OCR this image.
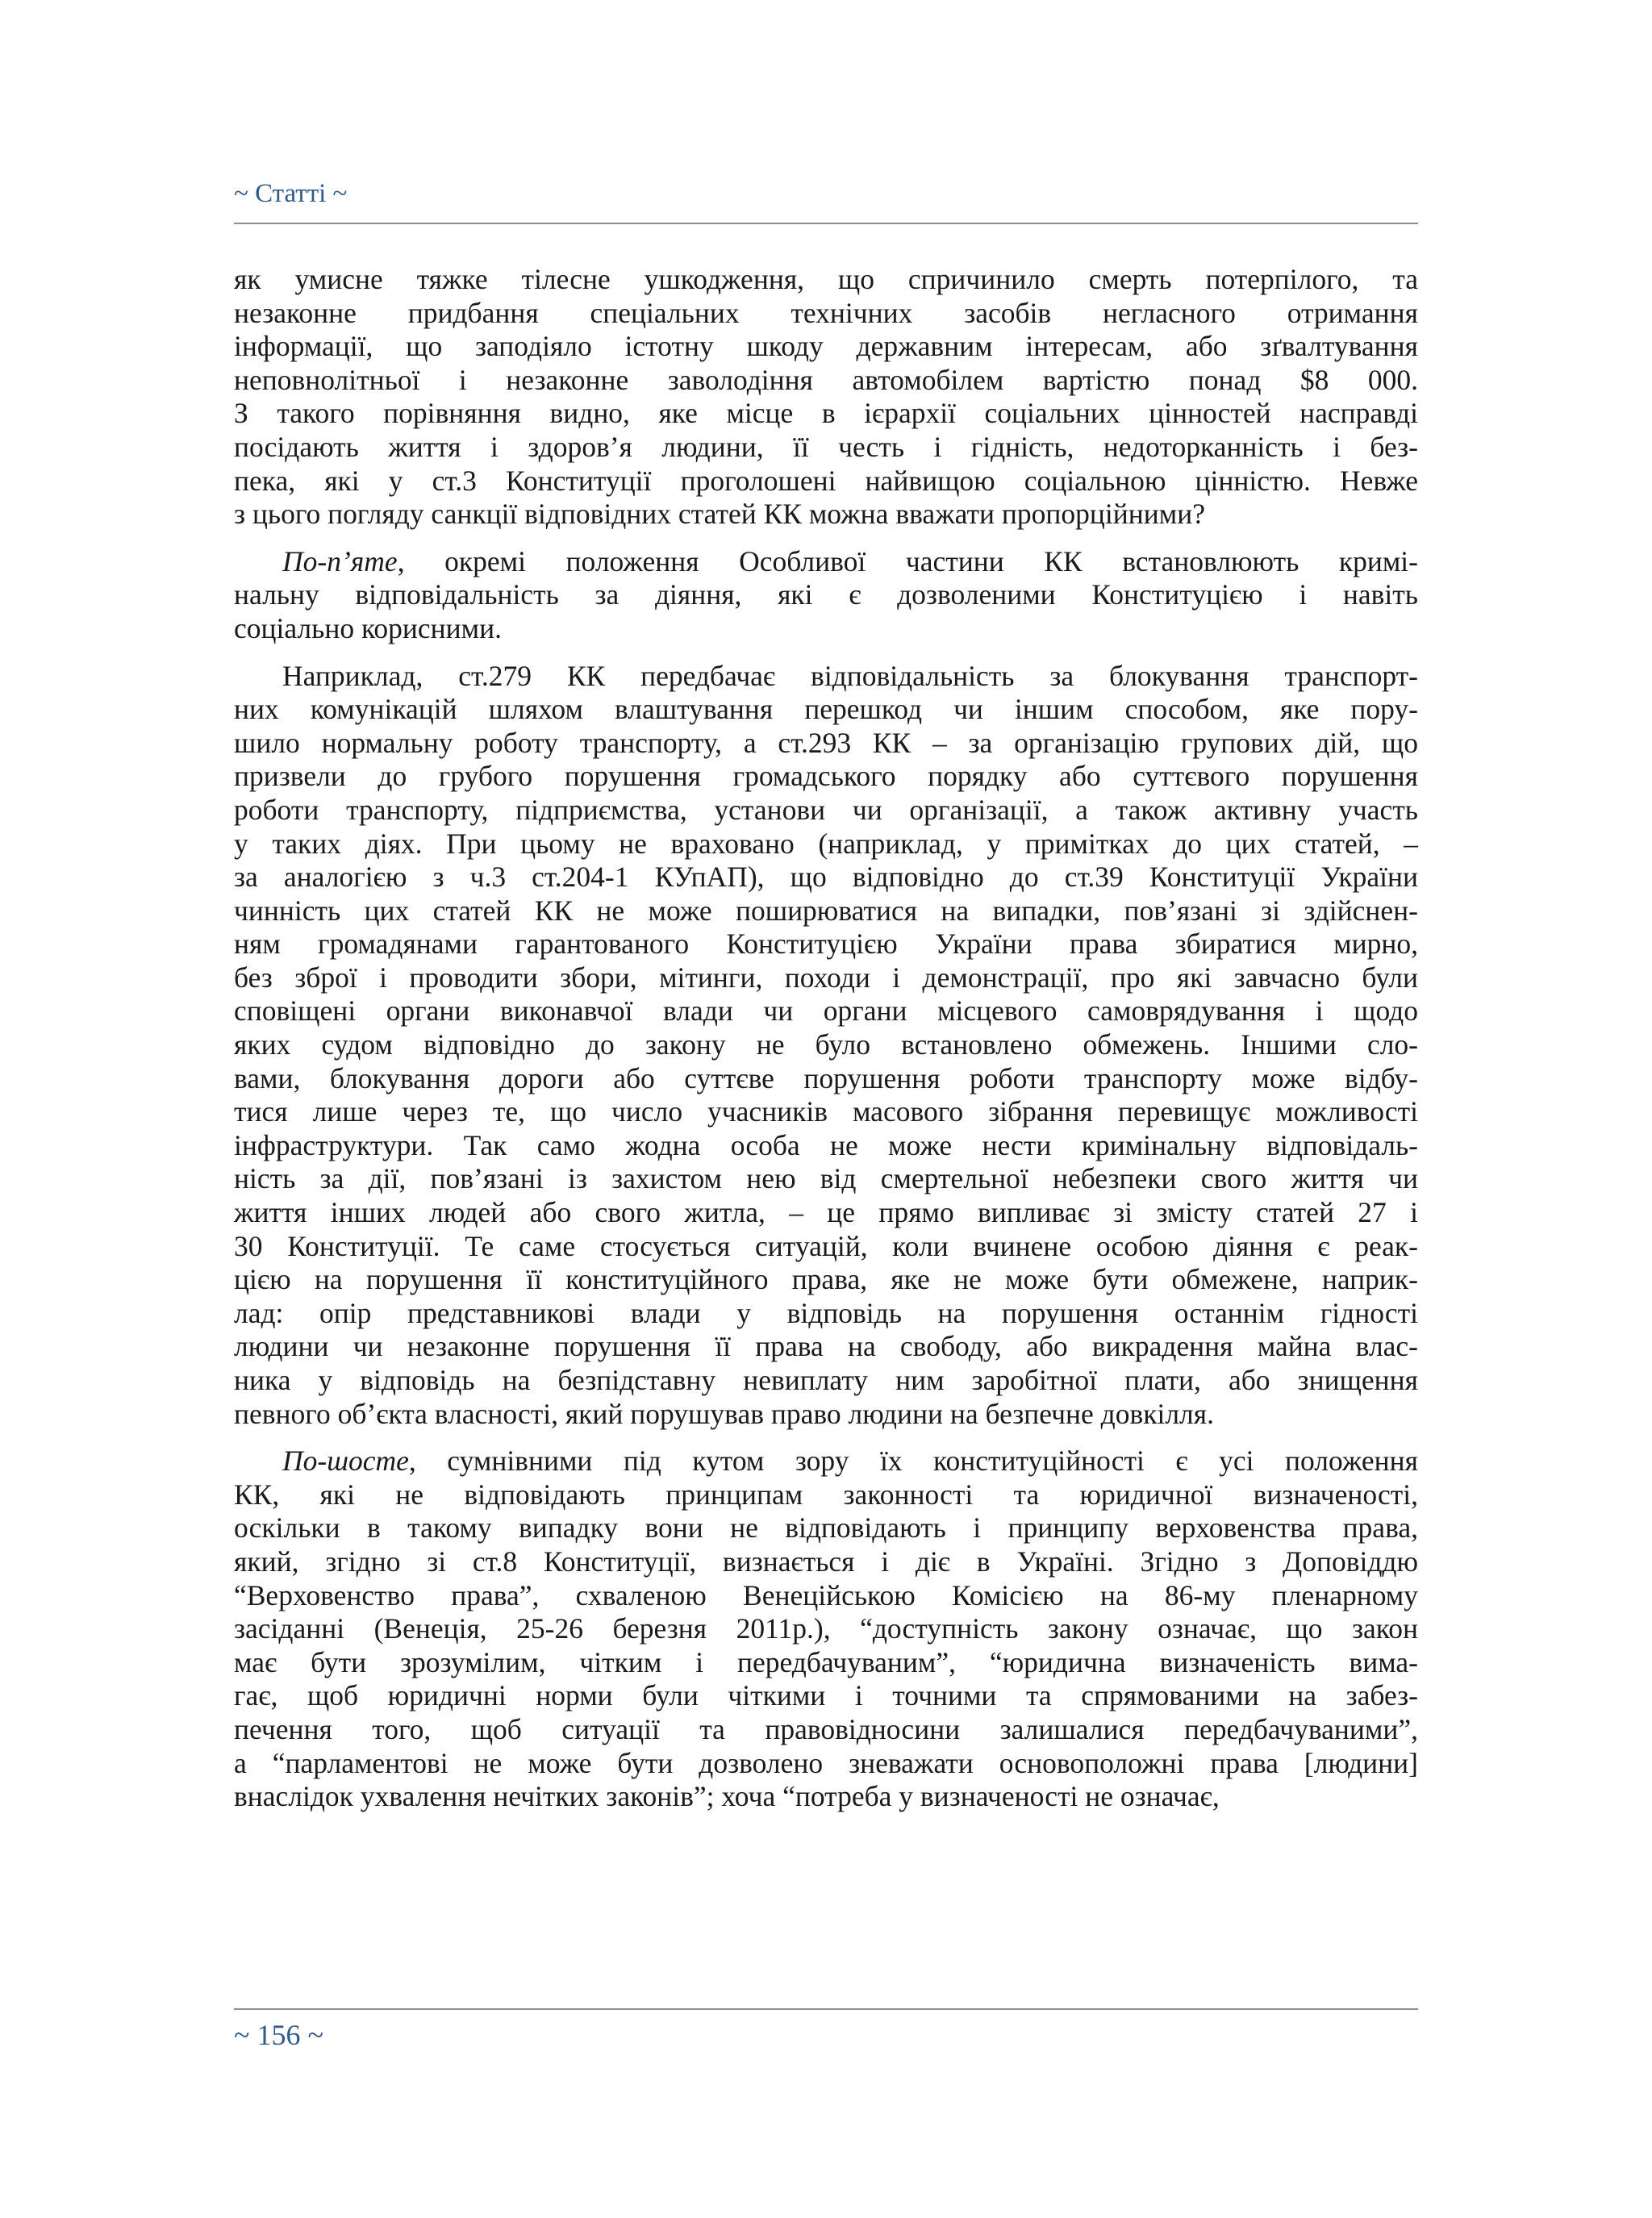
~ Статті ~
як умисне тяжке тілесне ушкодження, що спричинило смерть потерпілого, та
незаконне придбання спеціальних технічних засобів негласного отримання
інформації, що заподіяло істотну шкоду державним інтересам, або зґвалтування
неповнолітньої і незаконне заволодіння автомобілем вартістю понад $8 000.
З такого порівняння видно, яке місце в ієрархії соціальних цінностей насправді
посідають життя і здоров’я людини, її честь і гідність, недоторканність і без-
пека, які у ст.3 Конституції проголошені найвищою соціальною цінністю. Невже
з цього погляду санкції відповідних статей КК можна вважати пропорційними?
По-п’яте, окремі положення Особливої частини КК встановлюють кримі-
нальну відповідальність за діяння, які є дозволеними Конституцією і навіть
соціально корисними.
Наприклад, ст.279 КК передбачає відповідальність за блокування транспорт-
них комунікацій шляхом влаштування перешкод чи іншим способом, яке пору-
шило нормальну роботу транспорту, а ст.293 КК – за організацію групових дій, що
призвели до грубого порушення громадського порядку або суттєвого порушення
роботи транспорту, підприємства, установи чи організації, а також активну участь
у таких діях. При цьому не враховано (наприклад, у примітках до цих статей, –
за аналогією з ч.3 ст.204-1 КУпАП), що відповідно до ст.39 Конституції України
чинність цих статей КК не може поширюватися на випадки, пов’язані зі здійснен-
ням громадянами гарантованого Конституцією України права збиратися мирно,
без зброї і проводити збори, мітинги, походи і демонстрації, про які завчасно були
сповіщені органи виконавчої влади чи органи місцевого самоврядування і щодо
яких судом відповідно до закону не було встановлено обмежень. Іншими сло-
вами, блокування дороги або суттєве порушення роботи транспорту може відбу-
тися лише через те, що число учасників масового зібрання перевищує можливості
інфраструктури. Так само жодна особа не може нести кримінальну відповідаль-
ність за дії, пов’язані із захистом нею від смертельної небезпеки свого життя чи
життя інших людей або свого житла, – це прямо випливає зі змісту статей 27 і
30 Конституції. Те саме стосується ситуацій, коли вчинене особою діяння є реак-
цією на порушення її конституційного права, яке не може бути обмежене, наприк-
лад: опір представникові влади у відповідь на порушення останнім гідності
людини чи незаконне порушення її права на свободу, або викрадення майна влас-
ника у відповідь на безпідставну невиплату ним заробітної плати, або знищення
певного об’єкта власності, який порушував право людини на безпечне довкілля.
По-шосте, сумнівними під кутом зору їх конституційності є усі положення
КК, які не відповідають принципам законності та юридичної визначеності,
оскільки в такому випадку вони не відповідають і принципу верховенства права,
який, згідно зі ст.8 Конституції, визнається і діє в Україні. Згідно з Доповіддю
“Верховенство права”, схваленою Венеційською Комісією на 86-му пленарному
засіданні (Венеція, 25-26 березня 2011р.), “доступність закону означає, що закон
має бути зрозумілим, чітким і передбачуваним”, “юридична визначеність вима-
гає, щоб юридичні норми були чіткими і точними та спрямованими на забез-
печення того, щоб ситуації та правовідносини залишалися передбачуваними”,
а “парламентові не може бути дозволено зневажати основоположні права [людини]
внаслідок ухвалення нечітких законів”; хоча “потреба у визначеності не означає,
~ 156 ~
